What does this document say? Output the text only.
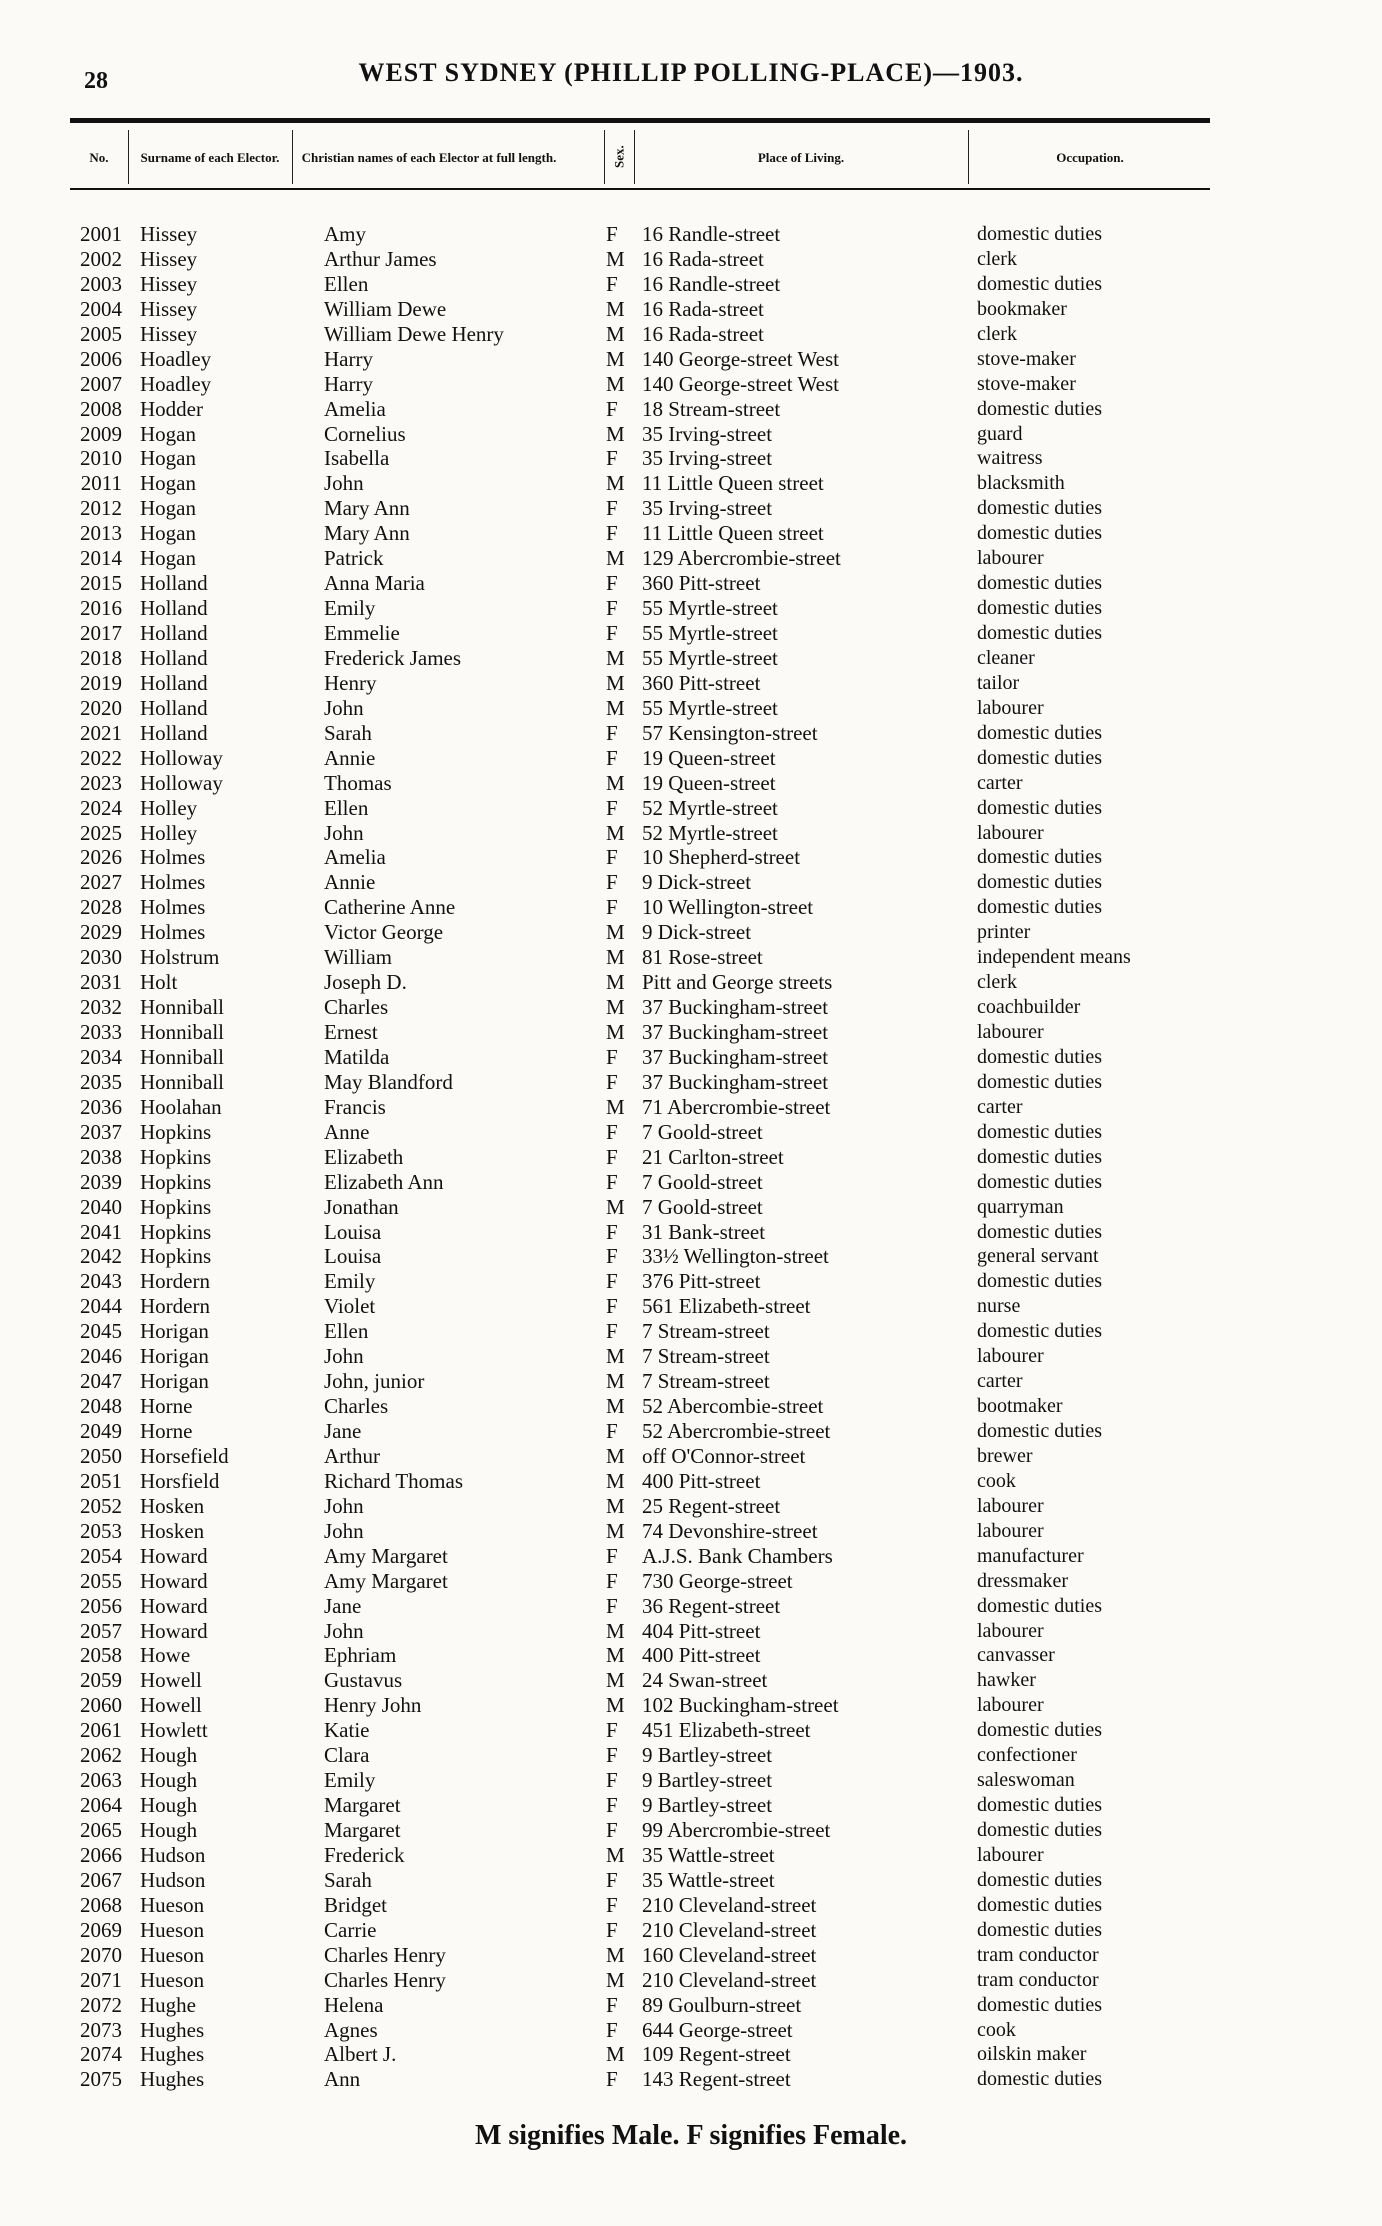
28	WEST SYDNEY (PHILLIP POLLING-PLACE)—1903.
No.	Surname of each Elector.	Christian names of each Elector at full length.	Sex.	Place of Living.	Occupation.
2001 Hissey	Amy	F	16 Randle-street	domestic duties
2002 Hissey	Arthur James	M 16 Rada-street	clerk
2003 Hissey	Ellen	F	16 Randle-street	domestic duties
2004 Hissey	William Dewe	M 16 Rada-street	bookmaker
2005 Hissey	William Dewe Henry	M 16 Rada-street	clerk
2006 Hoadley	Harry	M 140 George-street West	stove-maker
2007 Hoadley	Harry	M 140 George-street West	stove-maker
2008 Hodder	Amelia	F	18 Stream-street	domestic duties
2009 Hogan	Cornelius	M 35 Irving-street	guard
2010 Hogan	Isabella	F	35 Irving-street	waitress
2011 Hogan	John	M 11 Little Queen street	blacksmith
2012 Hogan	Mary Ann	F	35 Irving-street	domestic duties
2013 Hogan	Mary Ann	F	11 Little Queen street	domestic duties
2014 Hogan	Patrick	M 129 Abercrombie-street	labourer
2015 Holland	Anna Maria	F	360 Pitt-street	domestic duties
2016 Holland	Emily	F	55 Myrtle-street	domestic duties
2017 Holland	Emmelie	F	55 Myrtle-street	domestic duties
2018 Holland	Frederick James	M 55 Myrtle-street	cleaner
2019 Holland	Henry	M 360 Pitt-street	tailor
2020 Holland	John	M 55 Myrtle-street	labourer
2021 Holland	Sarah	F	57 Kensington-street	domestic duties
2022 Holloway	Annie	F	19 Queen-street	domestic duties
2023 Holloway	Thomas	M 19 Queen-street	carter
2024 Holley	Ellen	F	52 Myrtle-street	domestic duties
2025 Holley	John	M 52 Myrtle-street	labourer
2026 Holmes	Amelia	F	10 Shepherd-street	domestic duties
2027 Holmes	Annie	F	9 Dick-street	domestic duties
2028 Holmes	Catherine Anne	F	10 Wellington-street	domestic duties
2029 Holmes	Victor George	M 9 Dick-street	printer
2030 Holstrum	William	M 81 Rose-street	independent means
2031 Holt	Joseph D.	M Pitt and George streets	clerk
2032 Honniball	Charles	M 37 Buckingham-street	coachbuilder
2033 Honniball	Ernest	M 37 Buckingham-street	labourer
2034 Honniball	Matilda	F	37 Buckingham-street	domestic duties
2035 Honniball	May Blandford	F	37 Buckingham-street	domestic duties
2036 Hoolahan	Francis	M 71 Abercrombie-street	carter
2037 Hopkins	Anne	F	7 Goold-street	domestic duties
2038 Hopkins	Elizabeth	F	21 Carlton-street	domestic duties
2039 Hopkins	Elizabeth Ann	F	7 Goold-street	domestic duties
2040 Hopkins	Jonathan	M 7 Goold-street	quarryman
2041 Hopkins	Louisa	F	31 Bank-street	domestic duties
2042 Hopkins	Louisa	F	33½ Wellington-street	general servant
2043 Hordern	Emily	F	376 Pitt-street	domestic duties
2044 Hordern	Violet	F	561 Elizabeth-street	nurse
2045 Horigan	Ellen	F	7 Stream-street	domestic duties
2046 Horigan	John	M 7 Stream-street	labourer
2047 Horigan	John, junior	M 7 Stream-street	carter
2048 Horne	Charles	M 52 Abercombie-street	bootmaker
2049 Horne	Jane	F	52 Abercrombie-street	domestic duties
2050 Horsefield	Arthur	M off O'Connor-street	brewer
2051 Horsfield	Richard Thomas	M 400 Pitt-street	cook
2052 Hosken	John	M 25 Regent-street	labourer
2053 Hosken	John	M 74 Devonshire-street	labourer
2054 Howard	Amy Margaret	F	A.J.S. Bank Chambers	manufacturer
2055 Howard	Amy Margaret	F	730 George-street	dressmaker
2056 Howard	Jane	F	36 Regent-street	domestic duties
2057 Howard	John	M 404 Pitt-street	labourer
2058 Howe	Ephriam	M 400 Pitt-street	canvasser
2059 Howell	Gustavus	M 24 Swan-street	hawker
2060 Howell	Henry John	M 102 Buckingham-street	labourer
2061 Howlett	Katie	F	451 Elizabeth-street	domestic duties
2062 Hough	Clara	F	9 Bartley-street	confectioner
2063 Hough	Emily	F	9 Bartley-street	saleswoman
2064 Hough	Margaret	F	9 Bartley-street	domestic duties
2065 Hough	Margaret	F	99 Abercrombie-street	domestic duties
2066 Hudson	Frederick	M 35 Wattle-street	labourer
2067 Hudson	Sarah	F	35 Wattle-street	domestic duties
2068 Hueson	Bridget	F	210 Cleveland-street	domestic duties
2069 Hueson	Carrie	F	210 Cleveland-street	domestic duties
2070 Hueson	Charles Henry	M 160 Cleveland-street	tram conductor
2071 Hueson	Charles Henry	M 210 Cleveland-street	tram conductor
2072 Hughe	Helena	F	89 Goulburn-street	domestic duties
2073 Hughes	Agnes	F	644 George-street	cook
2074 Hughes	Albert J.	M 109 Regent-street	oilskin maker
2075 Hughes	Ann	F	143 Regent-street	domestic duties
M signifies Male. F signifies Female.
